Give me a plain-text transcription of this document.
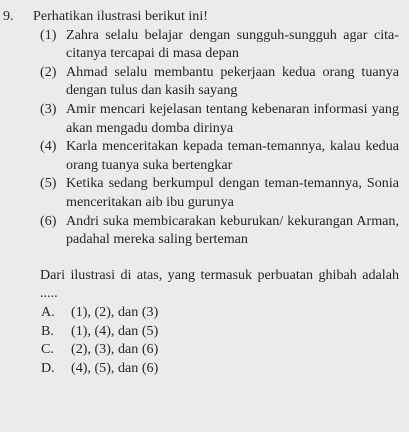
9.	Perhatikan ilustrasi berikut ini!
(1) Zahra selalu belajar dengan sungguh-sungguh agar cita-citanya tercapai di masa depan
(2) Ahmad selalu membantu pekerjaan kedua orang tuanya dengan tulus dan kasih sayang
(3) Amir mencari kejelasan tentang kebenaran informasi yang akan mengadu domba dirinya
(4) Karla menceritakan kepada teman-temannya, kalau kedua orang tuanya suka bertengkar
(5) Ketika sedang berkumpul dengan teman-temannya, Sonia menceritakan aib ibu gurunya
(6) Andri suka membicarakan keburukan/ kekurangan Arman, padahal mereka saling berteman
Dari ilustrasi di atas, yang termasuk perbuatan ghibah adalah .....
A.	(1), (2), dan (3)
B.	(1), (4), dan (5)
C.	(2), (3), dan (6)
D.	(4), (5), dan (6)
